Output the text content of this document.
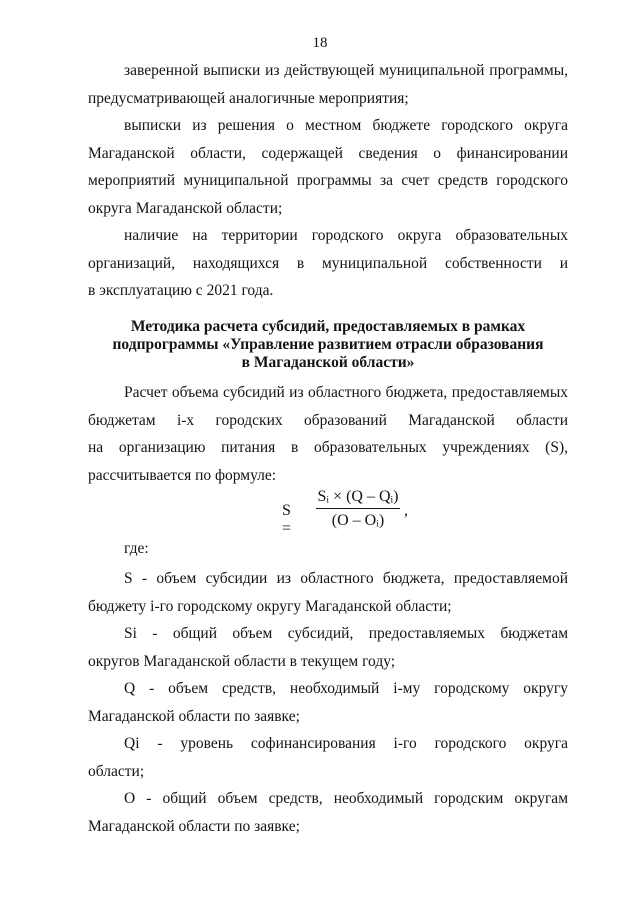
18
заверенной выписки из действующей муниципальной программы,
предусматривающей аналогичные мероприятия;
выписки из решения о местном бюджете городского округа
Магаданской области, содержащей сведения о финансировании
мероприятий муниципальной программы за счет средств городского
округа Магаданской области;
наличие на территории городского округа образовательных
организаций, находящихся в муниципальной собственности и
в эксплуатацию с 2021 года.
Методика расчета субсидий, предоставляемых в рамках
подпрограммы «Управление развитием отрасли образования
в Магаданской области»
Расчет объема субсидий из областного бюджета, предоставляемых
бюджетам i-х городских образований Магаданской области
на организацию питания в образовательных учреждениях (S),
рассчитывается по формуле:
$S = \frac{\text{Sᵢ × (Q – Qᵢ)}}{\text{(O – Oᵢ)}}$ ,
где:
S - объем субсидии из областного бюджета, предоставляемой
бюджету i-го городскому округу Магаданской области;
Si - общий объем субсидий, предоставляемых бюджетам
округов Магаданской области в текущем году;
Q - объем средств, необходимый i-му городскому округу
Магаданской области по заявке;
Qi - уровень софинансирования i-го городского округа
области;
О - общий объем средств, необходимый городским округам
Магаданской области по заявке;
